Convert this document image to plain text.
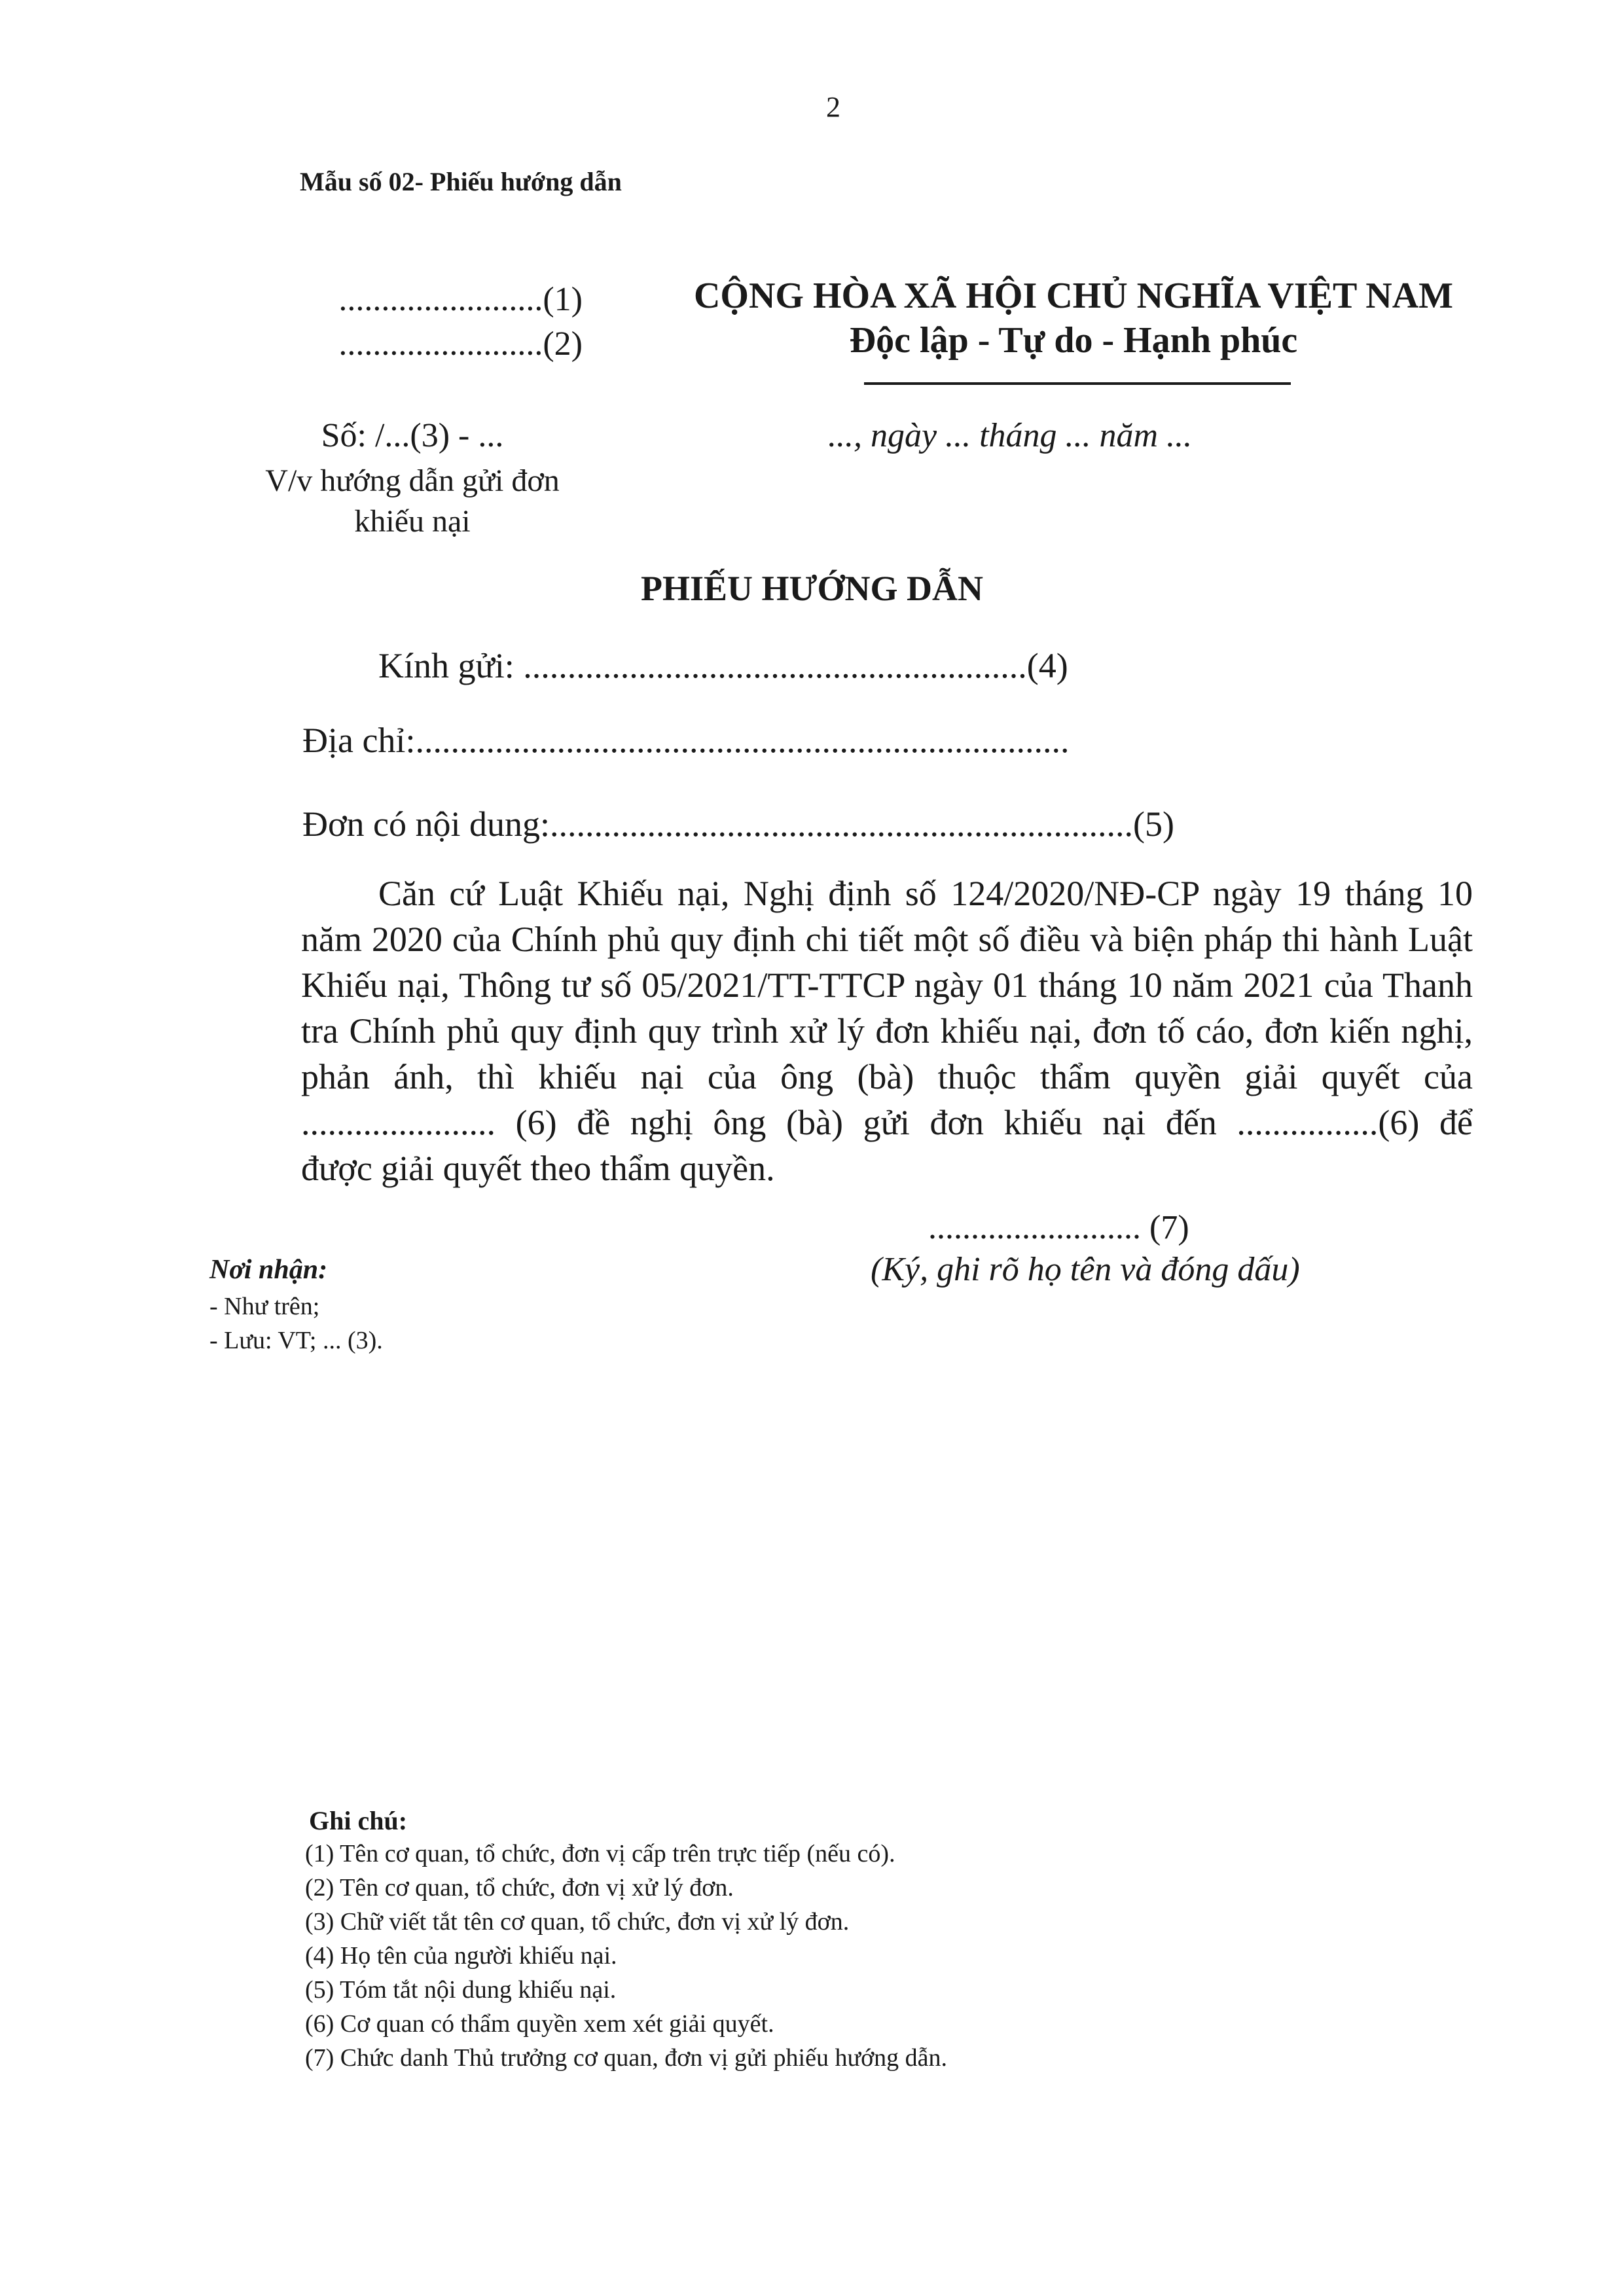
2
Mẫu số 02- Phiếu hướng dẫn
........................(1)
........................(2)
CỘNG HÒA XÃ HỘI CHỦ NGHĨA VIỆT NAM
Độc lập - Tự do - Hạnh phúc
Số: /...(3) - ...
V/v hướng dẫn gửi đơn khiếu nại
..., ngày ... tháng ... năm ...
PHIẾU HƯỚNG DẪN
Kính gửi: .........................................................(4)
Địa chỉ:..........................................................................
Đơn có nội dung:..................................................................(5)
Căn cứ Luật Khiếu nại, Nghị định số 124/2020/NĐ-CP ngày 19 tháng 10
năm 2020 của Chính phủ quy định chi tiết một số điều và biện pháp thi hành Luật
Khiếu nại, Thông tư số 05/2021/TT-TTCP ngày 01 tháng 10 năm 2021 của Thanh
tra Chính phủ quy định quy trình xử lý đơn khiếu nại, đơn tố cáo, đơn kiến nghị,
phản ánh, thì khiếu nại của ông (bà) thuộc thẩm quyền giải quyết của
...................... (6) đề nghị ông (bà) gửi đơn khiếu nại đến ................(6) để
được giải quyết theo thẩm quyền.
......................... (7)
(Ký, ghi rõ họ tên và đóng dấu)
Nơi nhận:
- Như trên;
- Lưu: VT; ... (3).
Ghi chú:
(1) Tên cơ quan, tổ chức, đơn vị cấp trên trực tiếp (nếu có).
(2) Tên cơ quan, tổ chức, đơn vị xử lý đơn.
(3) Chữ viết tắt tên cơ quan, tổ chức, đơn vị xử lý đơn.
(4) Họ tên của người khiếu nại.
(5) Tóm tắt nội dung khiếu nại.
(6) Cơ quan có thẩm quyền xem xét giải quyết.
(7) Chức danh Thủ trưởng cơ quan, đơn vị gửi phiếu hướng dẫn.
